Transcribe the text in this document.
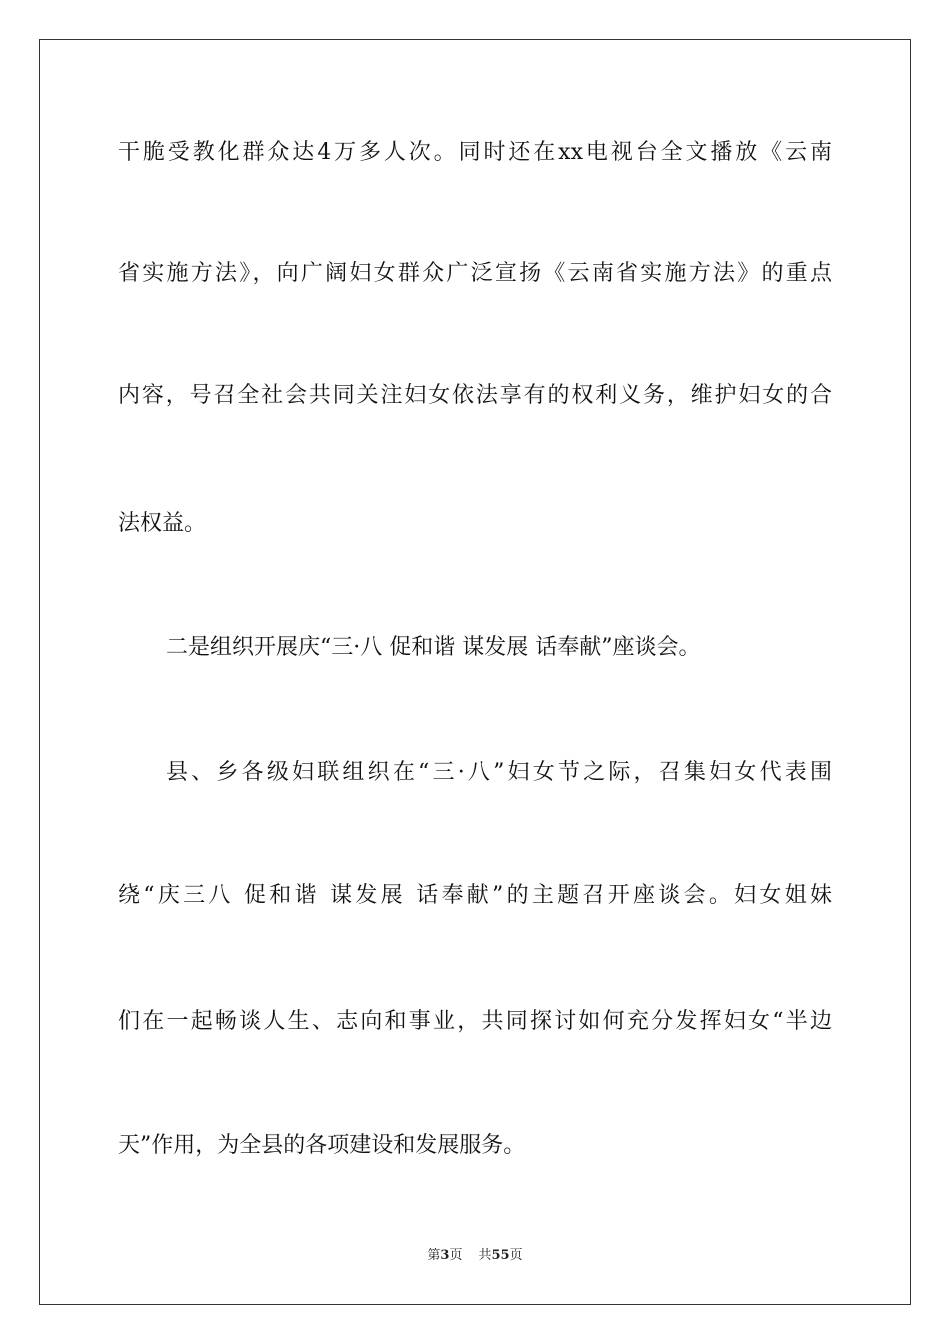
干脆受教化群众达4万多人次。同时还在xx电视台全文播放《云南
省实施方法》，向广阔妇女群众广泛宣扬《云南省实施方法》的重点
内容，号召全社会共同关注妇女依法享有的权利义务，维护妇女的合
法权益。
二是组织开展庆“三·八 促和谐 谋发展 话奉献”座谈会。
县、乡各级妇联组织在“三·八”妇女节之际，召集妇女代表围
绕“庆三八 促和谐 谋发展 话奉献”的主题召开座谈会。妇女姐妹
们在一起畅谈人生、志向和事业，共同探讨如何充分发挥妇女“半边
天”作用，为全县的各项建设和发展服务。
第3页 共55页
